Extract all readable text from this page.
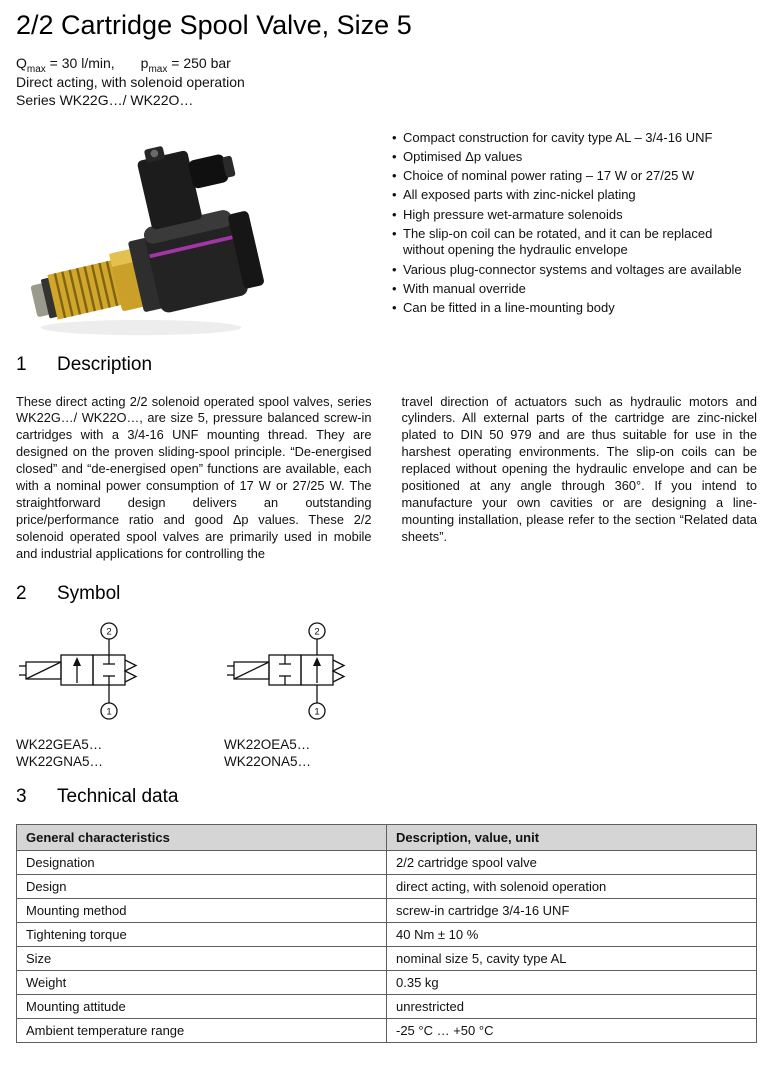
2/2 Cartridge Spool Valve, Size 5
$Q_{max} = 30$ l/min, $p_{max} = 250$ bar
Direct acting, with solenoid operation
Series WK22G…/ WK22O…
• Compact construction for cavity type AL – 3/4-16 UNF
• Optimised Δp values
• Choice of nominal power rating – 17 W or 27/25 W
• All exposed parts with zinc-nickel plating
• High pressure wet-armature solenoids
• The slip-on coil can be rotated, and it can be replaced without opening the hydraulic envelope
• Various plug-connector systems and voltages are available
• With manual override
• Can be fitted in a line-mounting body
1 Description

These direct acting 2/2 solenoid operated spool valves, series WK22G…/ WK22O…, are size 5, pressure balanced screw-in cartridges with a 3/4-16 UNF mounting thread. They are designed on the proven sliding-spool principle. “De-energised closed” and “de-energised open” functions are available, each with a nominal power consumption of 17 W or 27/25 W. The straightforward design delivers an outstanding price/performance ratio and good Δp values. These 2/2 solenoid operated spool valves are primarily used in mobile and industrial applications for controlling the

travel direction of actuators such as hydraulic motors and cylinders. All external parts of the cartridge are zinc-nickel plated to DIN 50 979 and are thus suitable for use in the harshest operating environments. The slip-on coils can be replaced without opening the hydraulic envelope and can be positioned at any angle through 360°. If you intend to manufacture your own cavities or are designing a line-mounting installation, please refer to the section “Related data sheets”.

2 Symbol
2
1
WK22GEA5…
WK22GNA5…
2
1
WK22OEA5…
WK22ONA5…
3 Technical data
General characteristics	Description, value, unit
Designation	2/2 cartridge spool valve
Design	direct acting, with solenoid operation
Mounting method	screw-in cartridge 3/4-16 UNF
Tightening torque	40 Nm ± 10 %
Size	nominal size 5, cavity type AL
Weight	0.35 kg
Mounting attitude	unrestricted
Ambient temperature range	-25 °C … +50 °C
